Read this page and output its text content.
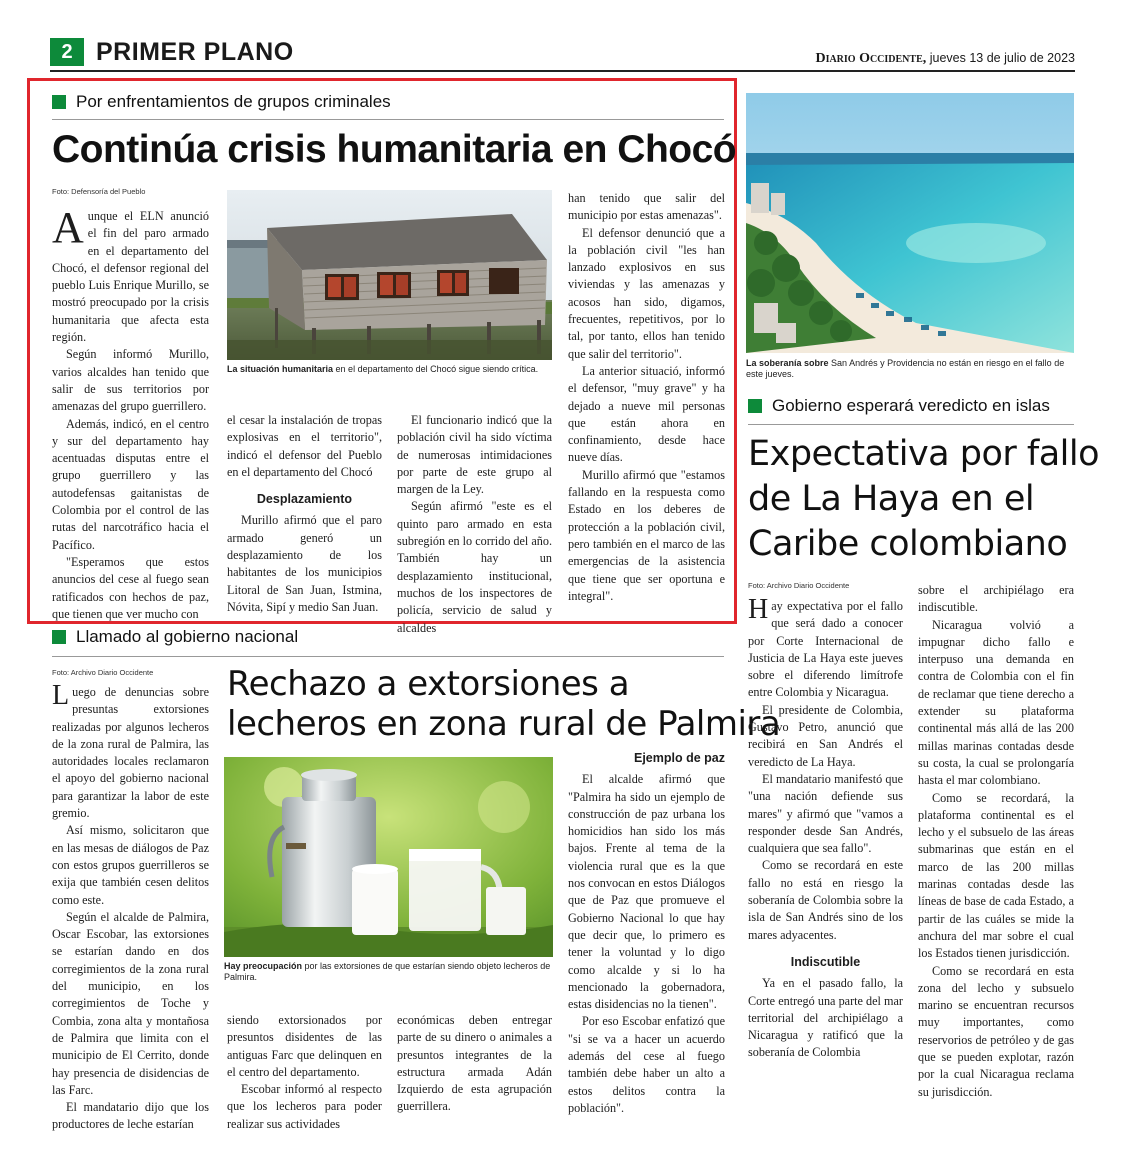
2 PRIMER PLANO	Diario Occidente, jueves 13 de julio de 2023
Por enfrentamientos de grupos criminales
Continúa crisis humanitaria en Chocó
Foto: Defensoría del Pueblo
La situación humanitaria en el departamento del Chocó sigue siendo crítica.

Aunque el ELN anunció el fin del paro armado en el departamento del Chocó, el defensor regional del pueblo Luis Enrique Murillo, se mostró preocupado por la crisis humanitaria que afecta esta región.

Según informó Murillo, varios alcaldes han tenido que salir de sus territorios por amenazas del grupo guerrillero.

Además, indicó, en el centro y sur del departamento hay acentuadas disputas entre el grupo guerrillero y las autodefensas gaitanistas de Colombia por el control de las rutas del narcotráfico hacia el Pacífico.

"Esperamos que estos anuncios del cese al fuego sean ratificados con hechos de paz, que tienen que ver mucho con

el cesar la instalación de tropas explosivas en el territorio", indicó el defensor del Pueblo en el departamento del Chocó

Desplazamiento

Murillo afirmó que el paro armado generó un desplazamiento de los habitantes de los municipios Litoral de San Juan, Istmina, Nóvita, Sipí y medio San Juan.

El funcionario indicó que la población civil ha sido víctima de numerosas intimidaciones por parte de este grupo al margen de la Ley.

Según afirmó "este es el quinto paro armado en esta subregión en lo corrido del año. También hay un desplazamiento institucional, muchos de los inspectores de policía, servicio de salud y alcaldes

han tenido que salir del municipio por estas amenazas".

El defensor denunció que a la población civil "les han lanzado explosivos en sus viviendas y las amenazas y acosos han sido, digamos, frecuentes, repetitivos, por lo tal, por tanto, ellos han tenido que salir del territorio".

La anterior situació, informó el defensor, "muy grave" y ha dejado a nueve mil personas que están ahora en confinamiento, desde hace nueve días.

Murillo afirmó que "estamos fallando en la respuesta como Estado en los deberes de protección a la población civil, pero también en el marco de las emergencias de la asistencia que tiene que ser oportuna e integral".

Llamado al gobierno nacional
Foto: Archivo Diario Occidente Rechazo a extorsiones a
lecheros en zona rural de Palmira
Hay preocupación por las extorsiones de que estarían siendo objeto lecheros de Palmira.

Luego de denuncias sobre presuntas extorsiones realizadas por algunos lecheros de la zona rural de Palmira, las autoridades locales reclamaron el apoyo del gobierno nacional para garantizar la labor de este gremio.

Así mismo, solicitaron que en las mesas de diálogos de Paz con estos grupos guerrilleros se exija que también cesen delitos como este.

Según el alcalde de Palmira, Oscar Escobar, las extorsiones se estarían dando en dos corregimientos de la zona rural del municipio, en los corregimientos de Toche y Combia, zona alta y montañosa de Palmira que limita con el municipio de El Cerrito, donde hay presencia de disidencias de las Farc.

El mandatario dijo que los productores de leche estarían

siendo extorsionados por presuntos disidentes de las antiguas Farc que delinquen en el centro del departamento.

Escobar informó al respecto que los lecheros para poder realizar sus actividades

económicas deben entregar parte de su dinero o animales a presuntos integrantes de la estructura armada Adán Izquierdo de esta agrupación guerrillera.

Ejemplo de paz

El alcalde afirmó que "Palmira ha sido un ejemplo de construcción de paz urbana los homicidios han sido los más bajos. Frente al tema de la violencia rural que es la que nos convocan en estos Diálogos que de Paz que promueve el Gobierno Nacional lo que hay que decir que, lo primero es tener la voluntad y lo digo como alcalde y si lo ha mencionado la gobernadora, estas disidencias no la tienen".

Por eso Escobar enfatizó que "si se va a hacer un acuerdo además del cese al fuego también debe haber un alto a estos delitos contra la población".

La soberanía sobre San Andrés y Providencia no están en riesgo en el fallo de este jueves.
Gobierno esperará veredicto en islas
Expectativa por fallo
de La Haya en el
Caribe colombiano
Foto: Archivo Diario Occidente

Hay expectativa por el fallo que será dado a conocer por Corte Internacional de Justicia de La Haya este jueves sobre el diferendo limítrofe entre Colombia y Nicaragua.

El presidente de Colombia, Gustavo Petro, anunció que recibirá en San Andrés el veredicto de La Haya.

El mandatario manifestó que "una nación defiende sus mares" y afirmó que "vamos a responder desde San Andrés, cualquiera que sea fallo".

Como se recordará en este fallo no está en riesgo la soberanía de Colombia sobre la isla de San Andrés sino de los mares adyacentes.

Indiscutible

Ya en el pasado fallo, la Corte entregó una parte del mar territorial del archipiélago a Nicaragua y ratificó que la soberanía de Colombia

sobre el archipiélago era indiscutible.

Nicaragua volvió a impugnar dicho fallo e interpuso una demanda en contra de Colombia con el fin de reclamar que tiene derecho a extender su plataforma continental más allá de las 200 millas marinas contadas desde su costa, la cual se prolongaría hasta el mar colombiano.

Como se recordará, la plataforma continental es el lecho y el subsuelo de las áreas submarinas que están en el marco de las 200 millas marinas contadas desde las líneas de base de cada Estado, a partir de las cuáles se mide la anchura del mar sobre el cual los Estados tienen jurisdicción.

Como se recordará en esta zona del lecho y subsuelo marino se encuentran recursos muy importantes, como reservorios de petróleo y de gas que se pueden explotar, razón por la cual Nicaragua reclama su jurisdicción.
